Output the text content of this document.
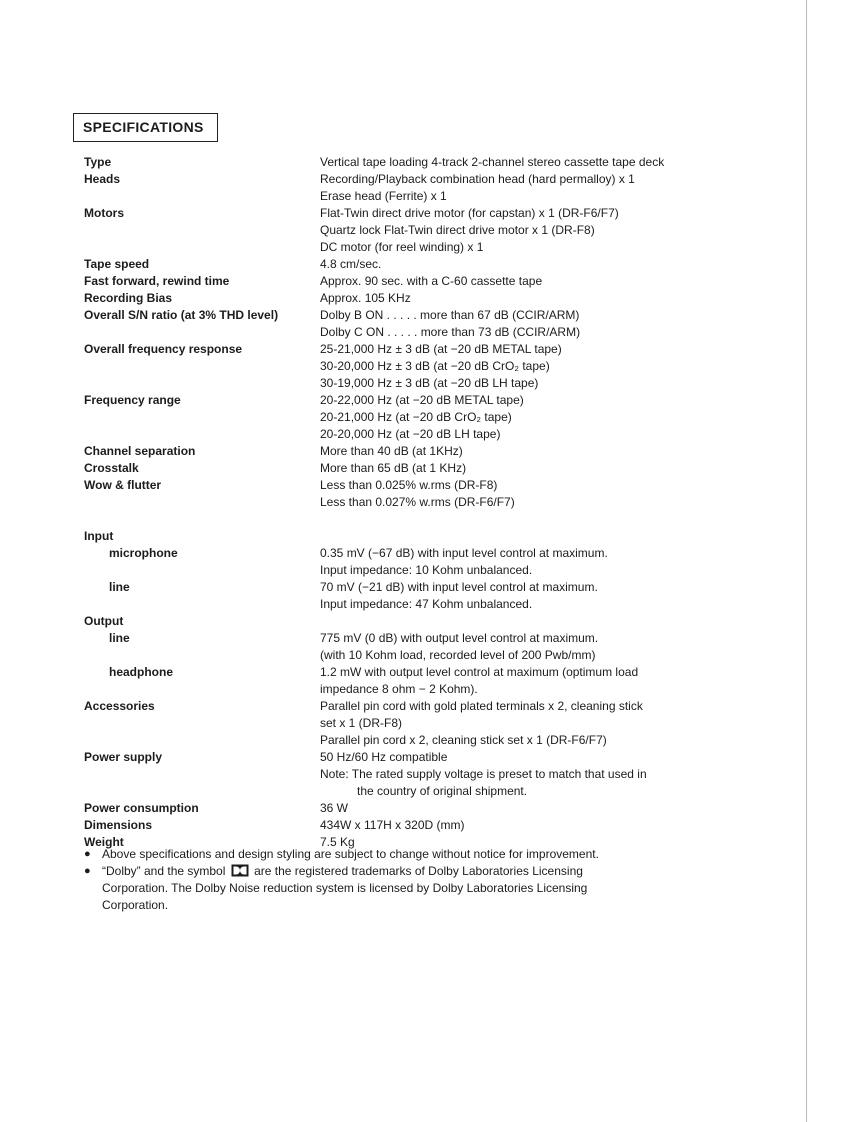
SPECIFICATIONS
Type	Vertical tape loading 4-track 2-channel stereo cassette tape deck
Heads	Recording/Playback combination head (hard permalloy) x 1
Erase head (Ferrite) x 1
Motors	Flat-Twin direct drive motor (for capstan) x 1 (DR-F6/F7)
Quartz lock Flat-Twin direct drive motor x 1 (DR-F8)
DC motor (for reel winding) x 1
Tape speed	4.8 cm/sec.
Fast forward, rewind time	Approx. 90 sec. with a C-60 cassette tape
Recording Bias	Approx. 105 KHz
Overall S/N ratio (at 3% THD level)	Dolby B ON . . . . . more than 67 dB (CCIR/ARM)
Dolby C ON . . . . . more than 73 dB (CCIR/ARM)
Overall frequency response	25-21,000 Hz ± 3 dB (at −20 dB METAL tape)
30-20,000 Hz ± 3 dB (at −20 dB CrO₂ tape)
30-19,000 Hz ± 3 dB (at −20 dB LH tape)
Frequency range	20-22,000 Hz (at −20 dB METAL tape)
20-21,000 Hz (at −20 dB CrO₂ tape)
20-20,000 Hz (at −20 dB LH tape)
Channel separation	More than 40 dB (at 1KHz)
Crosstalk	More than 65 dB (at 1 KHz)
Wow & flutter	Less than 0.025% w.rms (DR-F8)
Less than 0.027% w.rms (DR-F6/F7)
Input
microphone	0.35 mV (−67 dB) with input level control at maximum.
Input impedance: 10 Kohm unbalanced.
line	70 mV (−21 dB) with input level control at maximum.
Input impedance: 47 Kohm unbalanced.
Output
line	775 mV (0 dB) with output level control at maximum.
(with 10 Kohm load, recorded level of 200 Pwb/mm)
headphone	1.2 mW with output level control at maximum (optimum load
impedance 8 ohm − 2 Kohm).
Accessories	Parallel pin cord with gold plated terminals x 2, cleaning stick
set x 1 (DR-F8)
Parallel pin cord x 2, cleaning stick set x 1 (DR-F6/F7)
Power supply	50 Hz/60 Hz compatible
Note: The rated supply voltage is preset to match that used in
the country of original shipment.
Power consumption	36 W
Dimensions	434W x 117H x 320D (mm)
Weight	7.5 Kg
● Above specifications and design styling are subject to change without notice for improvement.
● “Dolby” and the symbol are the registered trademarks of Dolby Laboratories Licensing
Corporation. The Dolby Noise reduction system is licensed by Dolby Laboratories Licensing
Corporation.
